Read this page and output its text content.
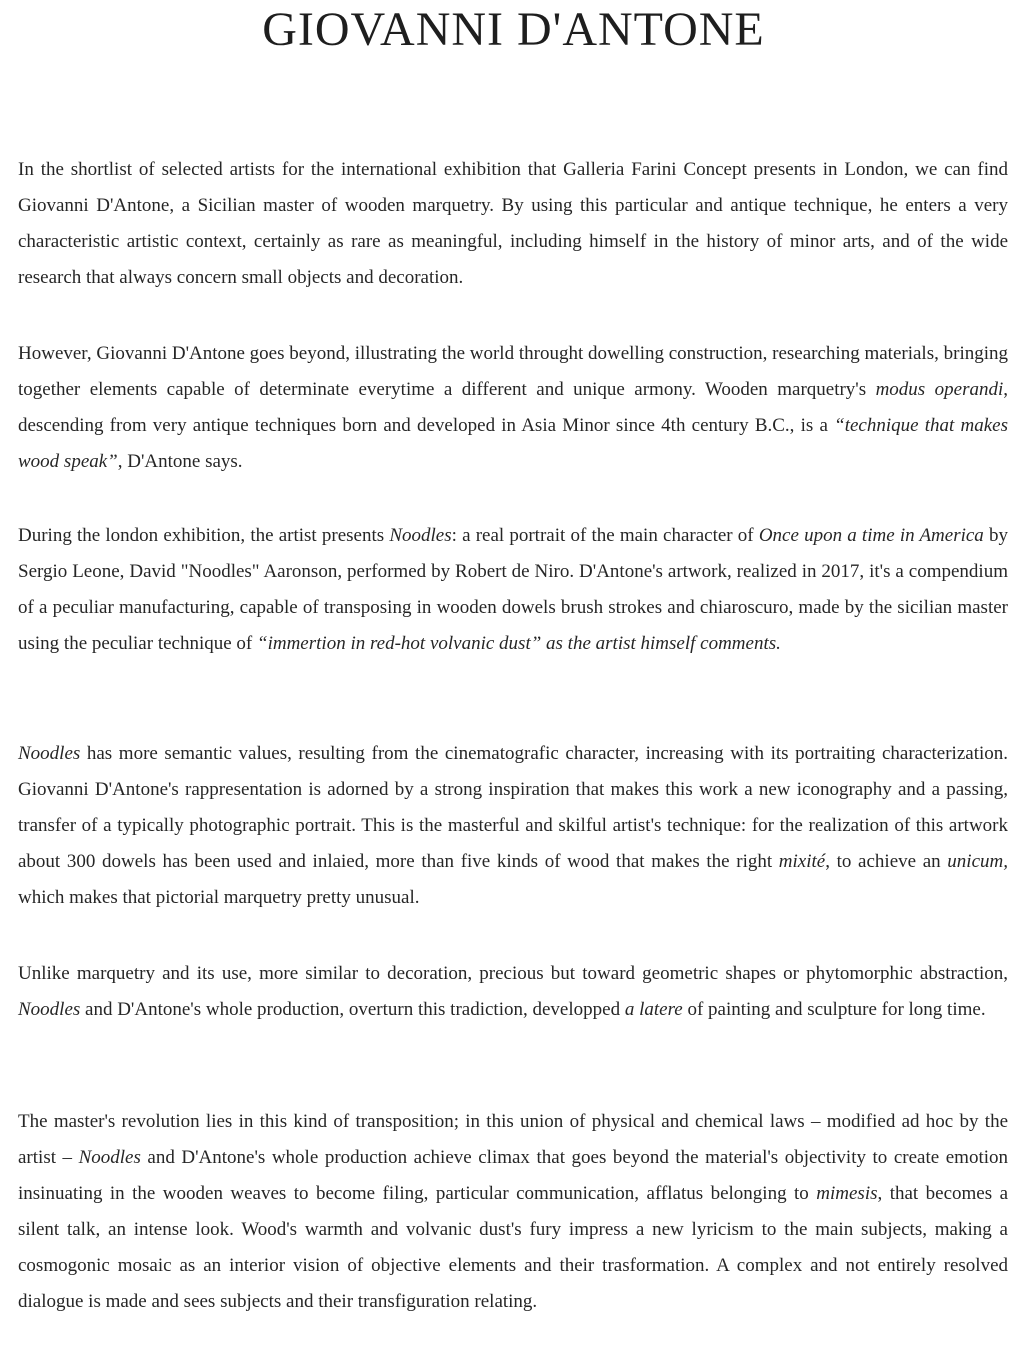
GIOVANNI D'ANTONE

In the shortlist of selected artists for the international exhibition that Galleria Farini Concept presents in London, we can find Giovanni D'Antone, a Sicilian master of wooden marquetry. By using this particular and antique technique, he enters a very characteristic artistic context, certainly as rare as meaningful, including himself in the history of minor arts, and of the wide research that always concern small objects and decoration.

However, Giovanni D'Antone goes beyond, illustrating the world throught dowelling construction, researching materials, bringing together elements capable of determinate everytime a different and unique armony. Wooden marquetry's modus operandi, descending from very antique techniques born and developed in Asia Minor since 4th century B.C., is a “technique that makes wood speak”, D'Antone says.

During the london exhibition, the artist presents Noodles: a real portrait of the main character of Once upon a time in America by Sergio Leone, David "Noodles" Aaronson, performed by Robert de Niro. D'Antone's artwork, realized in 2017, it's a compendium of a peculiar manufacturing, capable of transposing in wooden dowels brush strokes and chiaroscuro, made by the sicilian master using the peculiar technique of “immertion in red-hot volvanic dust” as the artist himself comments.

Noodles has more semantic values, resulting from the cinematografic character, increasing with its portraiting characterization. Giovanni D'Antone's rappresentation is adorned by a strong inspiration that makes this work a new iconography and a passing, transfer of a typically photographic portrait. This is the masterful and skilful artist's technique: for the realization of this artwork about 300 dowels has been used and inlaied, more than five kinds of wood that makes the right mixité, to achieve an unicum, which makes that pictorial marquetry pretty unusual.

Unlike marquetry and its use, more similar to decoration, precious but toward geometric shapes or phytomorphic abstraction, Noodles and D'Antone's whole production, overturn this tradiction, developped a latere of painting and sculpture for long time.

The master's revolution lies in this kind of transposition; in this union of physical and chemical laws – modified ad hoc by the artist – Noodles and D'Antone's whole production achieve climax that goes beyond the material's objectivity to create emotion insinuating in the wooden weaves to become filing, particular communication, afflatus belonging to mimesis, that becomes a silent talk, an intense look. Wood's warmth and volvanic dust's fury impress a new lyricism to the main subjects, making a cosmogonic mosaic as an interior vision of objective elements and their trasformation. A complex and not entirely resolved dialogue is made and sees subjects and their transfiguration relating.
